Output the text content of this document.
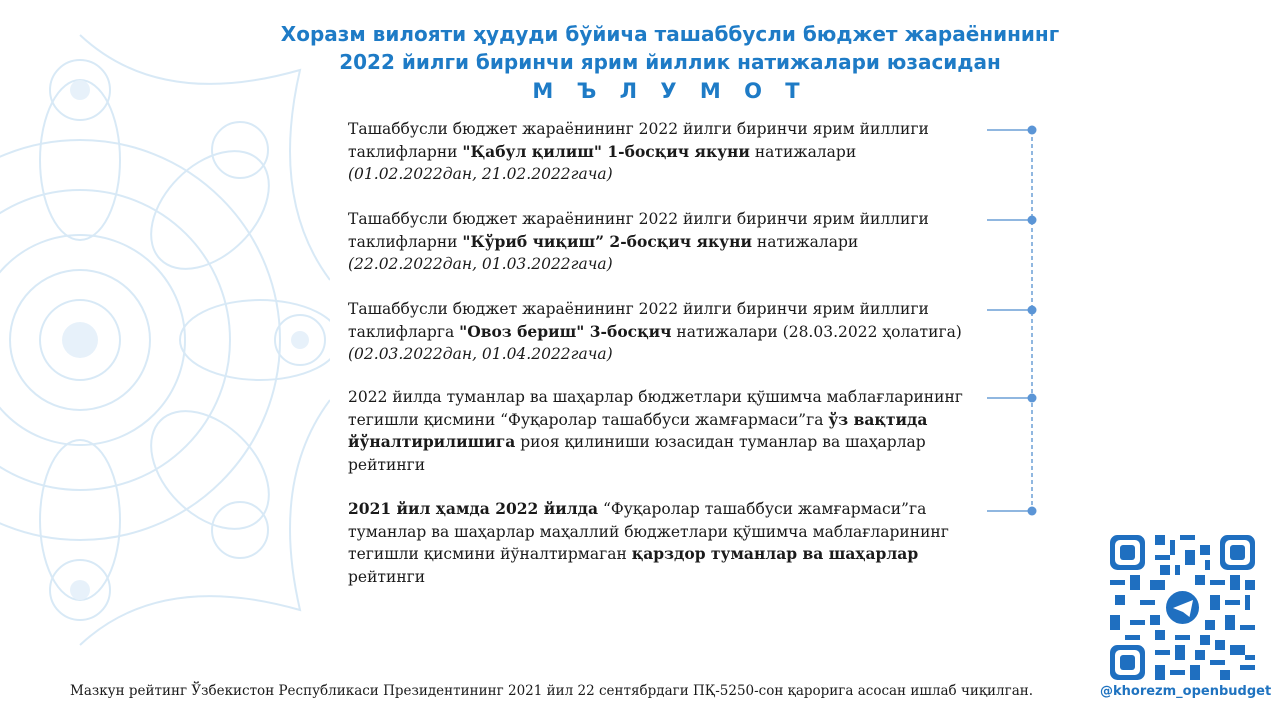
Хоразм вилояти ҳудуди бўйича ташаббусли бюджет жараёнининг
2022 йилги биринчи ярим йиллик натижалари юзасидан
М Ъ Л У М О Т
Ташаббусли бюджет жараёнининг 2022 йилги биринчи ярим йиллиги
таклифларни "Қабул қилиш" 1-босқич якуни натижалари
(01.02.2022дан, 21.02.2022гача)
Ташаббусли бюджет жараёнининг 2022 йилги биринчи ярим йиллиги
таклифларни "Кўриб чиқиш” 2-босқич якуни натижалари
(22.02.2022дан, 01.03.2022гача)
Ташаббусли бюджет жараёнининг 2022 йилги биринчи ярим йиллиги
таклифларга "Овоз бериш" 3-босқич натижалари (28.03.2022 ҳолатига)
(02.03.2022дан, 01.04.2022гача)
2022 йилда туманлар ва шаҳарлар бюджетлари қўшимча маблағларининг
тегишли қисмини “Фуқаролар ташаббуси жамғармаси”га ўз вақтида
йўналтирилишига риоя қилиниши юзасидан туманлар ва шаҳарлар
рейтинги
2021 йил ҳамда 2022 йилда “Фуқаролар ташаббуси жамғармаси”га
туманлар ва шаҳарлар маҳаллий бюджетлари қўшимча маблағларининг
тегишли қисмини йўналтирмаган қарздор туманлар ва шаҳарлар
рейтинги
@khorezm_openbudget
Мазкун рейтинг Ўзбекистон Республикаси Президентининг 2021 йил 22 сентябрдаги ПҚ-5250-сон қарорига асосан ишлаб чиқилган.
